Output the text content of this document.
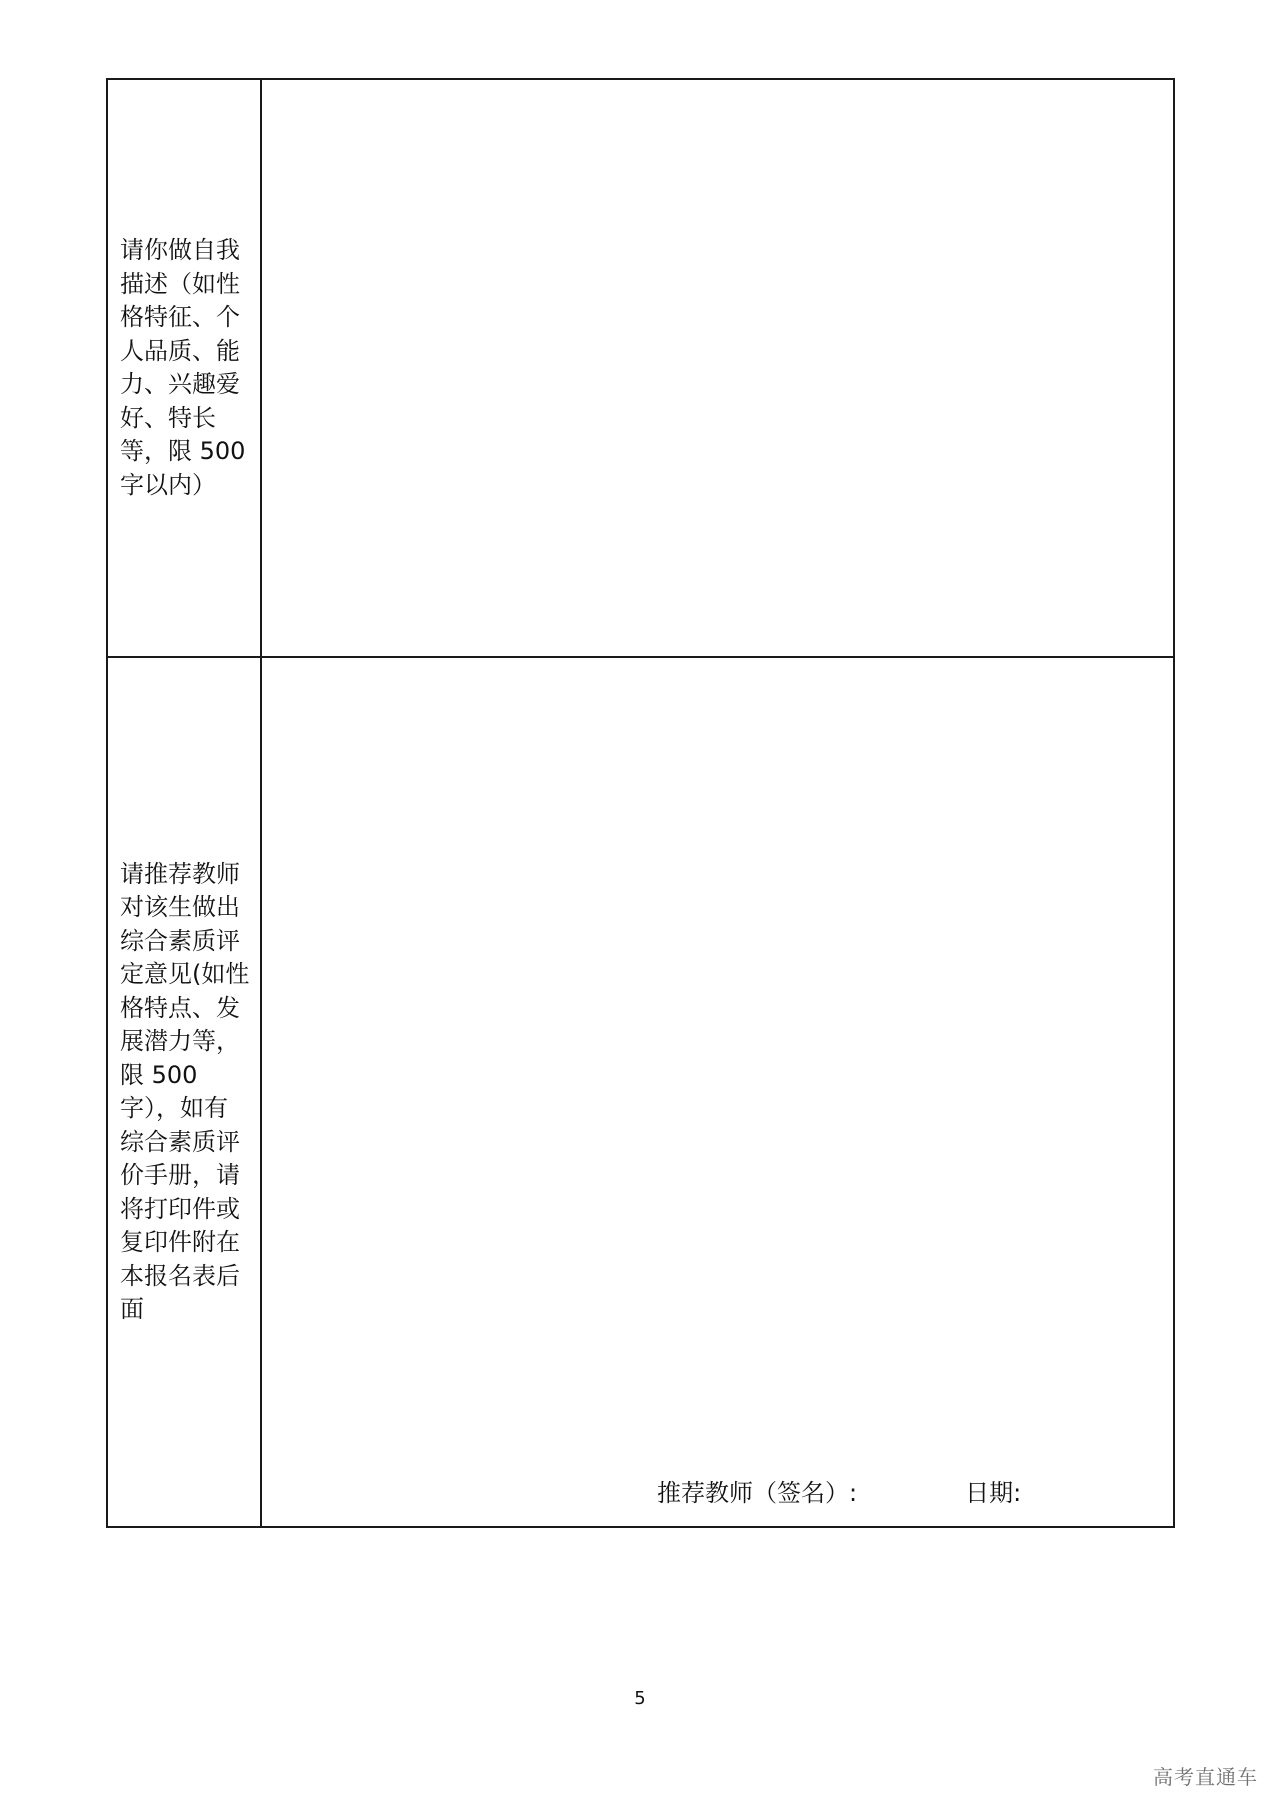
请你做自我描述（如性格特征、个人品质、能力、兴趣爱好、特长等，限 500 字以内）	
请推荐教师对该生做出综合素质评定意见(如性格特点、发展潜力等，限 500 字），如有综合素质评价手册，请将打印件或复印件附在本报名表后面	推荐教师（签名）: 日期:
5
高考直通车
